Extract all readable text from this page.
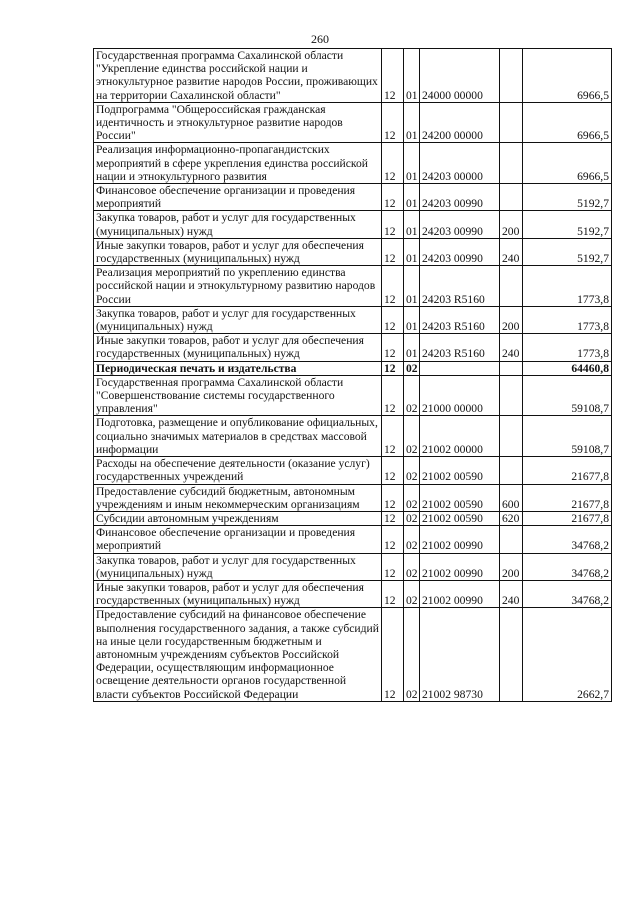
260
Государственная программа Сахалинской области "Укрепление единства российской нации и этнокультурное развитие народов России, проживающих на территории Сахалинской области"	12	01	24000 00000		6966,5
Подпрограмма "Общероссийская гражданская идентичность и этнокультурное развитие народов России"	12	01	24200 00000		6966,5
Реализация информационно-пропагандистских мероприятий в сфере укрепления единства российской нации и этнокультурного развития	12	01	24203 00000		6966,5
Финансовое обеспечение организации и проведения мероприятий	12	01	24203 00990		5192,7
Закупка товаров, работ и услуг для государственных (муниципальных) нужд	12	01	24203 00990	200	5192,7
Иные закупки товаров, работ и услуг для обеспечения государственных (муниципальных) нужд	12	01	24203 00990	240	5192,7
Реализация мероприятий по укреплению единства российской нации и этнокультурному развитию народов России	12	01	24203 R5160		1773,8
Закупка товаров, работ и услуг для государственных (муниципальных) нужд	12	01	24203 R5160	200	1773,8
Иные закупки товаров, работ и услуг для обеспечения государственных (муниципальных) нужд	12	01	24203 R5160	240	1773,8
Периодическая печать и издательства	12	02			64460,8
Государственная программа Сахалинской области "Совершенствование системы государственного управления"	12	02	21000 00000		59108,7
Подготовка, размещение и опубликование официальных, социально значимых материалов в средствах массовой информации	12	02	21002 00000		59108,7
Расходы на обеспечение деятельности (оказание услуг) государственных учреждений	12	02	21002 00590		21677,8
Предоставление субсидий бюджетным, автономным учреждениям и иным некоммерческим организациям	12	02	21002 00590	600	21677,8
Субсидии автономным учреждениям	12	02	21002 00590	620	21677,8
Финансовое обеспечение организации и проведения мероприятий	12	02	21002 00990		34768,2
Закупка товаров, работ и услуг для государственных (муниципальных) нужд	12	02	21002 00990	200	34768,2
Иные закупки товаров, работ и услуг для обеспечения государственных (муниципальных) нужд	12	02	21002 00990	240	34768,2
Предоставление субсидий на финансовое обеспечение выполнения государственного задания, а также субсидий на иные цели государственным бюджетным и автономным учреждениям субъектов Российской Федерации, осуществляющим информационное освещение деятельности органов государственной власти субъектов Российской Федерации	12	02	21002 98730		2662,7
